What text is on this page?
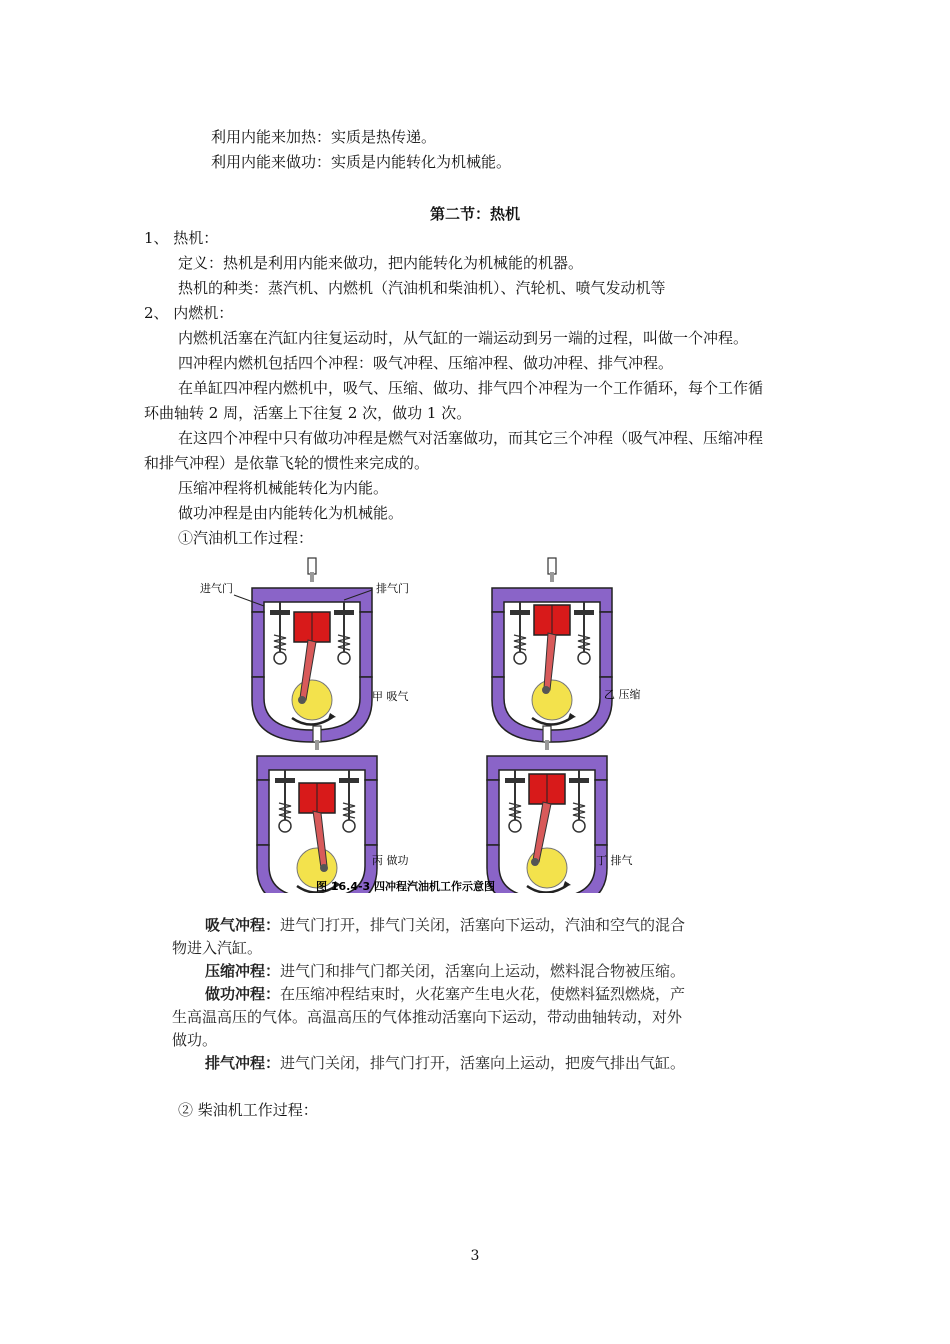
利用内能来加热：实质是热传递。
利用内能来做功：实质是内能转化为机械能。
第二节：热机
1、 热机：
定义：热机是利用内能来做功，把内能转化为机械能的机器。
热机的种类：蒸汽机、内燃机（汽油机和柴油机）、汽轮机、喷气发动机等
2、 内燃机：
内燃机活塞在汽缸内往复运动时，从气缸的一端运动到另一端的过程，叫做一个冲程。
四冲程内燃机包括四个冲程：吸气冲程、压缩冲程、做功冲程、排气冲程。
在单缸四冲程内燃机中，吸气、压缩、做功、排气四个冲程为一个工作循环，每个工作循
环曲轴转 2 周，活塞上下往复 2 次，做功 1 次。
在这四个冲程中只有做功冲程是燃气对活塞做功，而其它三个冲程（吸气冲程、压缩冲程
和排气冲程）是依靠飞轮的惯性来完成的。
压缩冲程将机械能转化为内能。
做功冲程是由内能转化为机械能。
①汽油机工作过程：
进气门	排气门
甲 吸气	乙 压缩
丙 做功	丁 排气
图 16.4-3 四冲程汽油机工作示意图

吸气冲程：进气门打开，排气门关闭，活塞向下运动，汽油和空气的混合

物进入汽缸。

压缩冲程：进气门和排气门都关闭，活塞向上运动，燃料混合物被压缩。

做功冲程：在压缩冲程结束时，火花塞产生电火花，使燃料猛烈燃烧，产

生高温高压的气体。高温高压的气体推动活塞向下运动，带动曲轴转动，对外

做功。

排气冲程：进气门关闭，排气门打开，活塞向上运动，把废气排出气缸。

② 柴油机工作过程：
3
